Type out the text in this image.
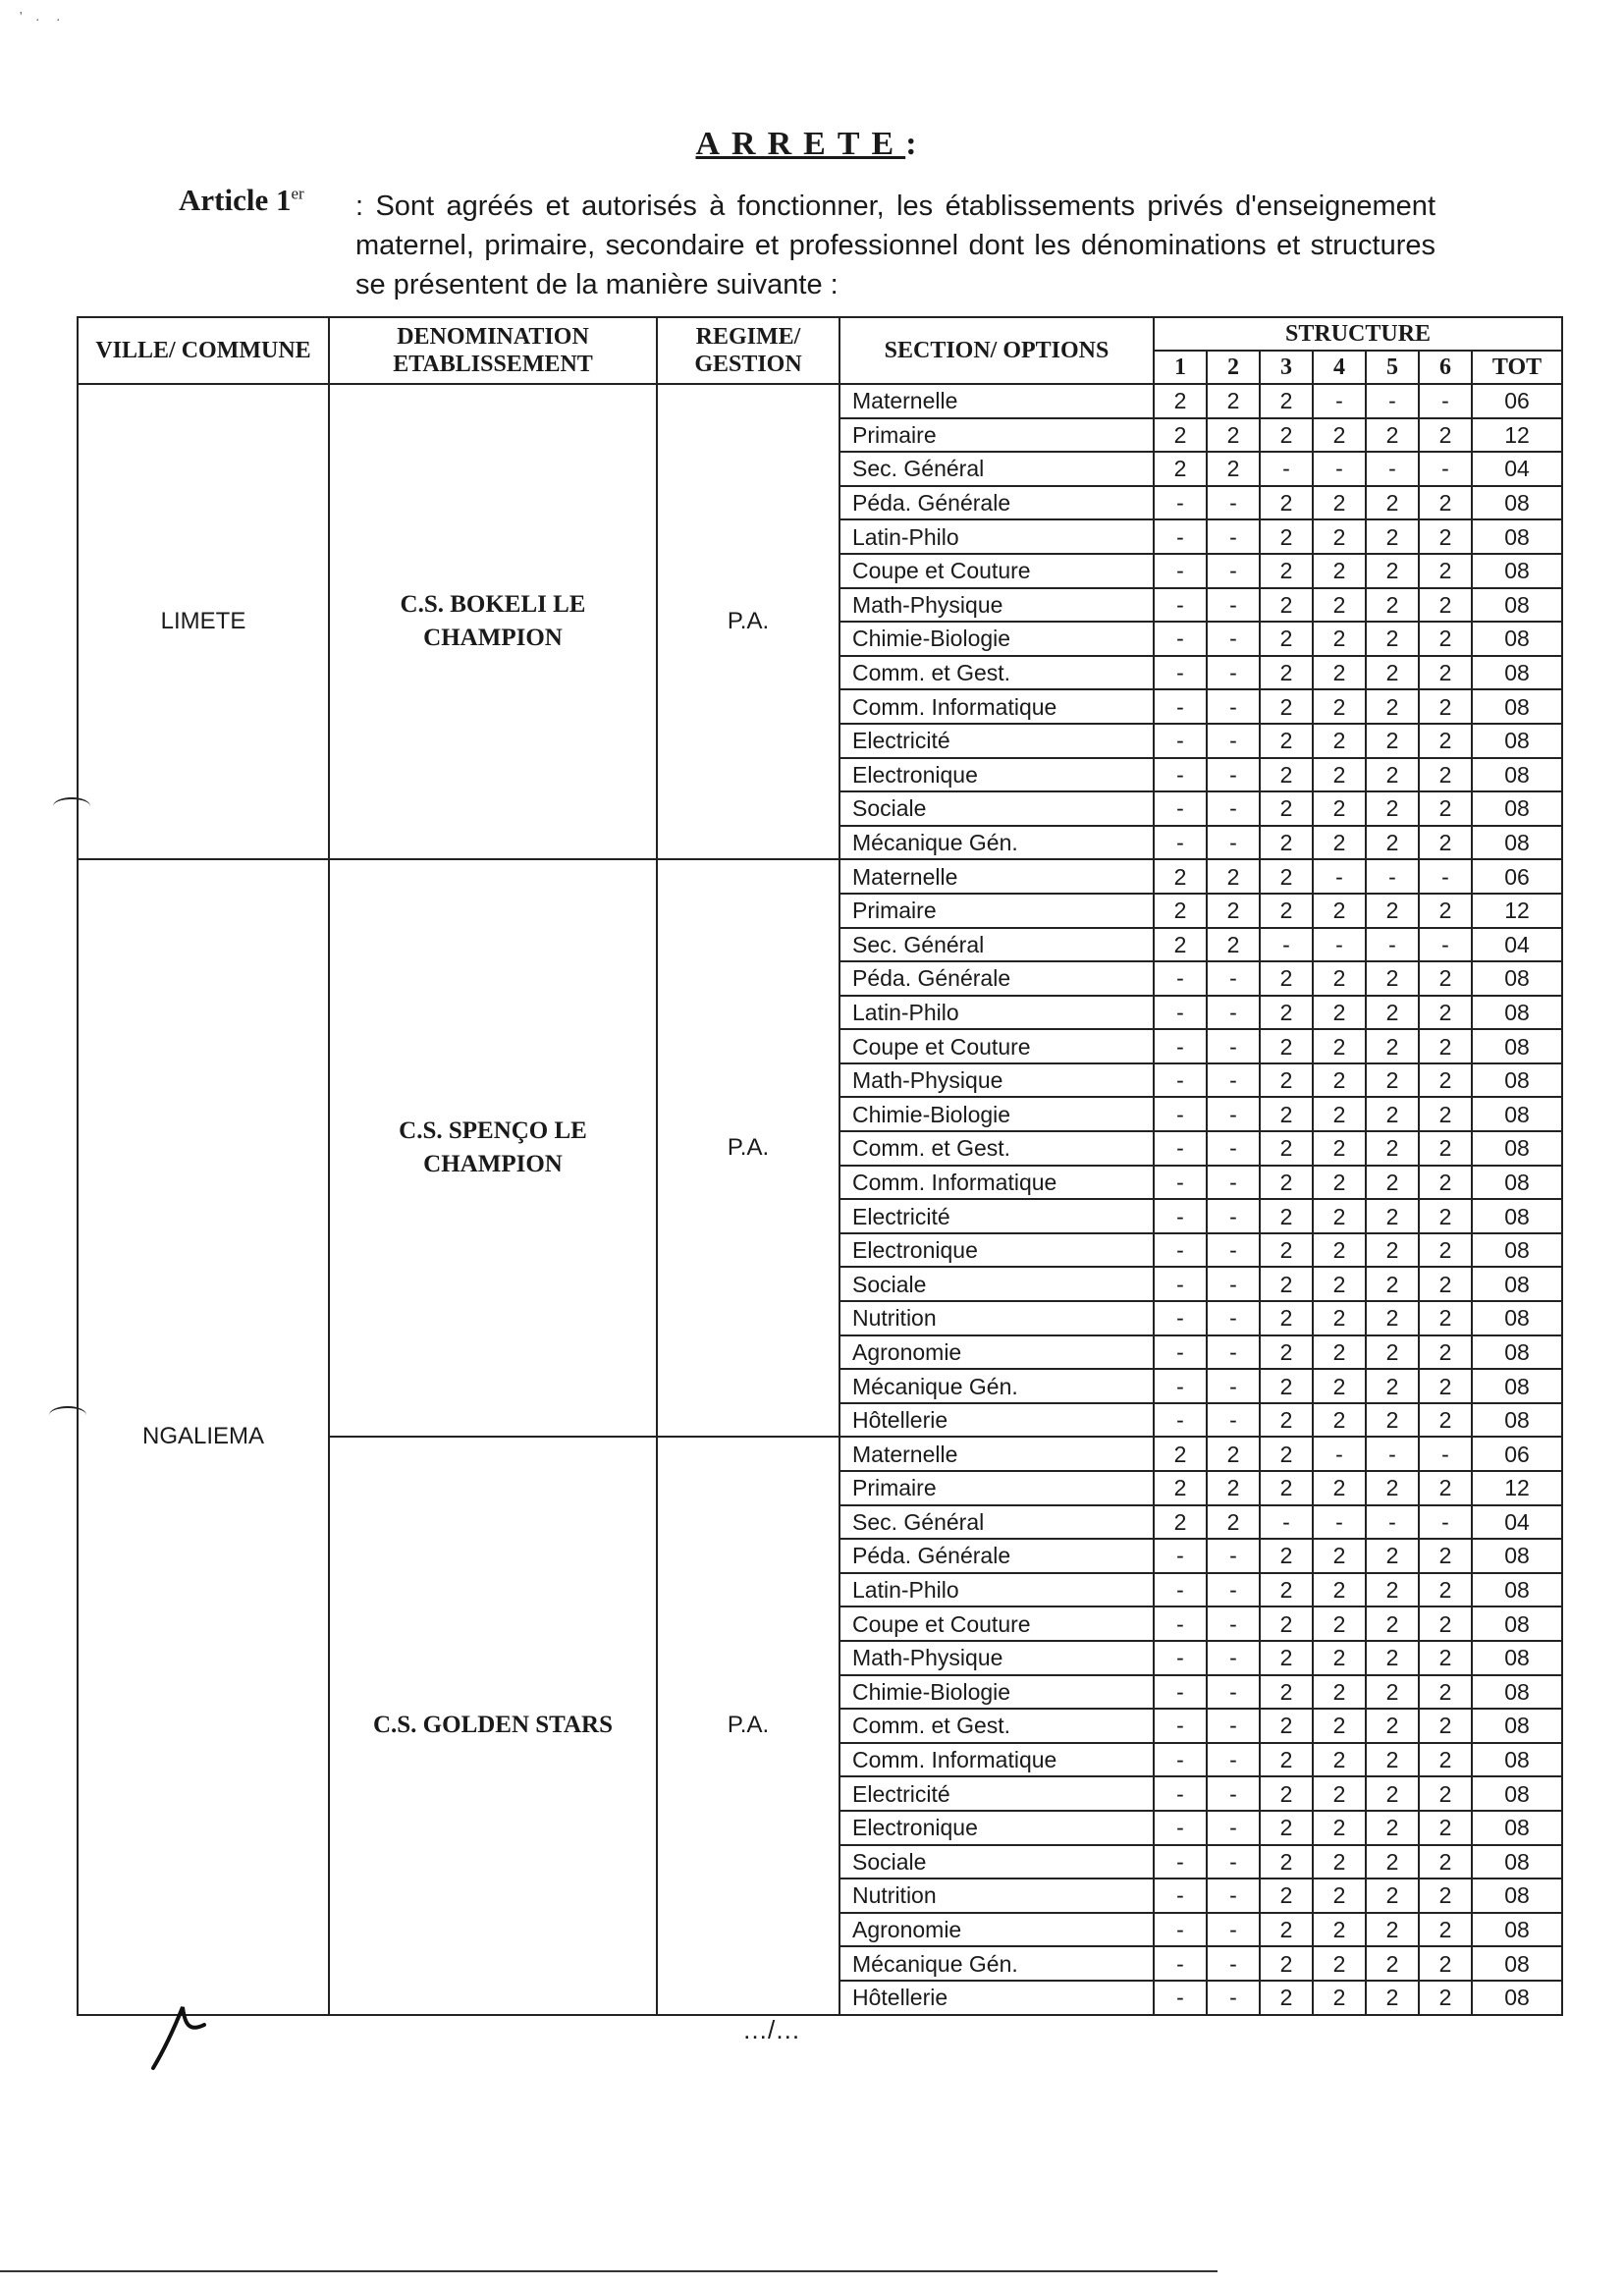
'    .     .
ARRETE:
Article 1er : Sont agréés et autorisés à fonctionner, les établissements privés d'enseignement maternel, primaire, secondaire et professionnel dont les dénominations et structures se présentent de la manière suivante :
VILLE/ COMMUNE	DENOMINATION ETABLISSEMENT	REGIME/ GESTION	SECTION/ OPTIONS	STRUCTURE						
				1	2	3	4	5	6	TOT
LIMETE	C.S. BOKELI LE CHAMPION	P.A.	Maternelle	2	2	2	-	-	-	06
			Primaire	2	2	2	2	2	2	12
			Sec. Général	2	2	-	-	-	-	04
			Péda. Générale	-	-	2	2	2	2	08
			Latin-Philo	-	-	2	2	2	2	08
			Coupe et Couture	-	-	2	2	2	2	08
			Math-Physique	-	-	2	2	2	2	08
			Chimie-Biologie	-	-	2	2	2	2	08
			Comm. et Gest.	-	-	2	2	2	2	08
			Comm. Informatique	-	-	2	2	2	2	08
			Electricité	-	-	2	2	2	2	08
			Electronique	-	-	2	2	2	2	08
			Sociale	-	-	2	2	2	2	08
			Mécanique Gén.	-	-	2	2	2	2	08
NGALIEMA	C.S. SPENÇO LE CHAMPION	P.A.	Maternelle	2	2	2	-	-	-	06
			Primaire	2	2	2	2	2	2	12
			Sec. Général	2	2	-	-	-	-	04
			Péda. Générale	-	-	2	2	2	2	08
			Latin-Philo	-	-	2	2	2	2	08
			Coupe et Couture	-	-	2	2	2	2	08
			Math-Physique	-	-	2	2	2	2	08
			Chimie-Biologie	-	-	2	2	2	2	08
			Comm. et Gest.	-	-	2	2	2	2	08
			Comm. Informatique	-	-	2	2	2	2	08
			Electricité	-	-	2	2	2	2	08
			Electronique	-	-	2	2	2	2	08
			Sociale	-	-	2	2	2	2	08
			Nutrition	-	-	2	2	2	2	08
			Agronomie	-	-	2	2	2	2	08
			Mécanique Gén.	-	-	2	2	2	2	08
			Hôtellerie	-	-	2	2	2	2	08
	C.S. GOLDEN STARS	P.A.	Maternelle	2	2	2	-	-	-	06
			Primaire	2	2	2	2	2	2	12
			Sec. Général	2	2	-	-	-	-	04
			Péda. Générale	-	-	2	2	2	2	08
			Latin-Philo	-	-	2	2	2	2	08
			Coupe et Couture	-	-	2	2	2	2	08
			Math-Physique	-	-	2	2	2	2	08
			Chimie-Biologie	-	-	2	2	2	2	08
			Comm. et Gest.	-	-	2	2	2	2	08
			Comm. Informatique	-	-	2	2	2	2	08
			Electricité	-	-	2	2	2	2	08
			Electronique	-	-	2	2	2	2	08
			Sociale	-	-	2	2	2	2	08
			Nutrition	-	-	2	2	2	2	08
			Agronomie	-	-	2	2	2	2	08
			Mécanique Gén.	-	-	2	2	2	2	08
			Hôtellerie	-	-	2	2	2	2	08
…/…
